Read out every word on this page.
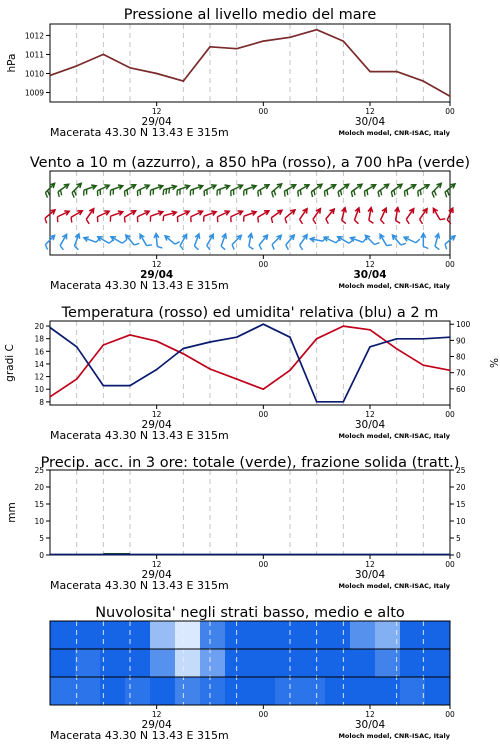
Pressione al livello medio del mare
12	00	12	00
29/04	30/04
Macerata 43.30 N 13.43 E 315m	Moloch model, CNR-ISAC, Italy
1009
1010
1011
1012
hPa
Vento a 10 m (azzurro), a 850 hPa (rosso), a 700 hPa (verde)
12	00	12	00
29/04	30/04
Macerata 43.30 N 13.43 E 315m	Moloch model, CNR-ISAC, Italy
Temperatura (rosso) ed umidita' relativa (blu) a 2 m
12	00	12	00
29/04	30/04
Macerata 43.30 N 13.43 E 315m	Moloch model, CNR-ISAC, Italy
8
10
12
14
16
18
20
60
70
80
90
100
gradi C	%
Precip. acc. in 3 ore: totale (verde), frazione solida (tratt.)
12	00	12	00
29/04	30/04
Macerata 43.30 N 13.43 E 315m	Moloch model, CNR-ISAC, Italy
0
5
10
15
20
25
0
5
10
15
20
25
mm
Nuvolosita' negli strati basso, medio e alto
12	00	12	00
29/04	30/04
Macerata 43.30 N 13.43 E 315m	Moloch model, CNR-ISAC, Italy
